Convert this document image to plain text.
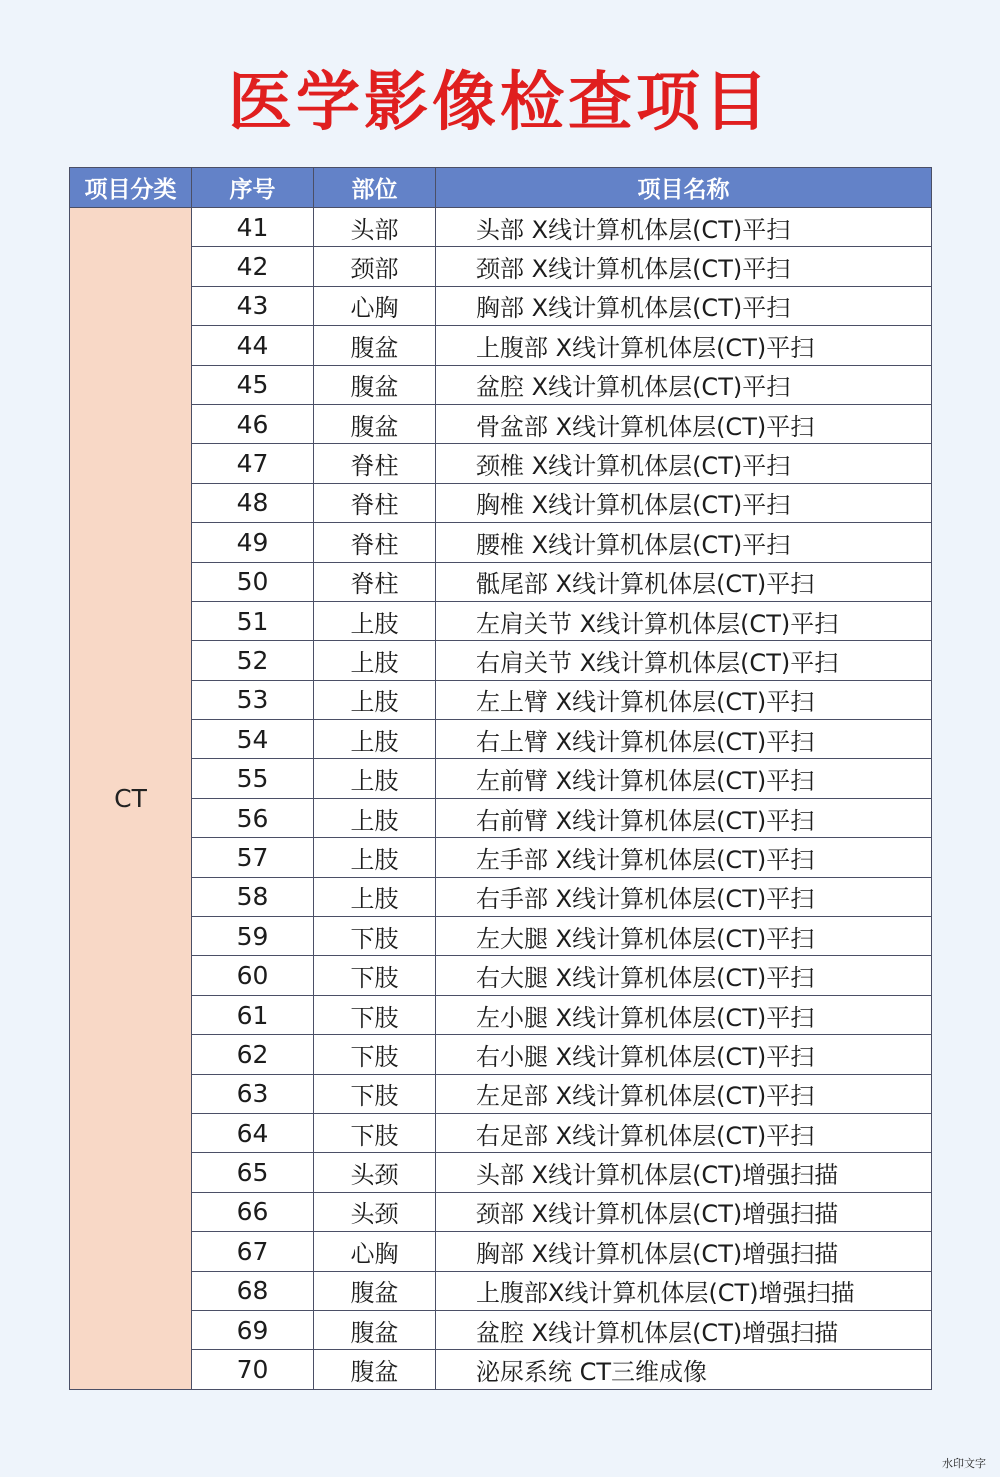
医学影像检查项目
项目分类	序号	部位	项目名称
CT	41	头部	头部 X线计算机体层(CT)平扫
	42	颈部	颈部 X线计算机体层(CT)平扫
	43	心胸	胸部 X线计算机体层(CT)平扫
	44	腹盆	上腹部 X线计算机体层(CT)平扫
	45	腹盆	盆腔 X线计算机体层(CT)平扫
	46	腹盆	骨盆部 X线计算机体层(CT)平扫
	47	脊柱	颈椎 X线计算机体层(CT)平扫
	48	脊柱	胸椎 X线计算机体层(CT)平扫
	49	脊柱	腰椎 X线计算机体层(CT)平扫
	50	脊柱	骶尾部 X线计算机体层(CT)平扫
	51	上肢	左肩关节 X线计算机体层(CT)平扫
	52	上肢	右肩关节 X线计算机体层(CT)平扫
	53	上肢	左上臂 X线计算机体层(CT)平扫
	54	上肢	右上臂 X线计算机体层(CT)平扫
	55	上肢	左前臂 X线计算机体层(CT)平扫
	56	上肢	右前臂 X线计算机体层(CT)平扫
	57	上肢	左手部 X线计算机体层(CT)平扫
	58	上肢	右手部 X线计算机体层(CT)平扫
	59	下肢	左大腿 X线计算机体层(CT)平扫
	60	下肢	右大腿 X线计算机体层(CT)平扫
	61	下肢	左小腿 X线计算机体层(CT)平扫
	62	下肢	右小腿 X线计算机体层(CT)平扫
	63	下肢	左足部 X线计算机体层(CT)平扫
	64	下肢	右足部 X线计算机体层(CT)平扫
	65	头颈	头部 X线计算机体层(CT)增强扫描
	66	头颈	颈部 X线计算机体层(CT)增强扫描
	67	心胸	胸部 X线计算机体层(CT)增强扫描
	68	腹盆	上腹部X线计算机体层(CT)增强扫描
	69	腹盆	盆腔 X线计算机体层(CT)增强扫描
	70	腹盆	泌尿系统 CT三维成像
水印文字
